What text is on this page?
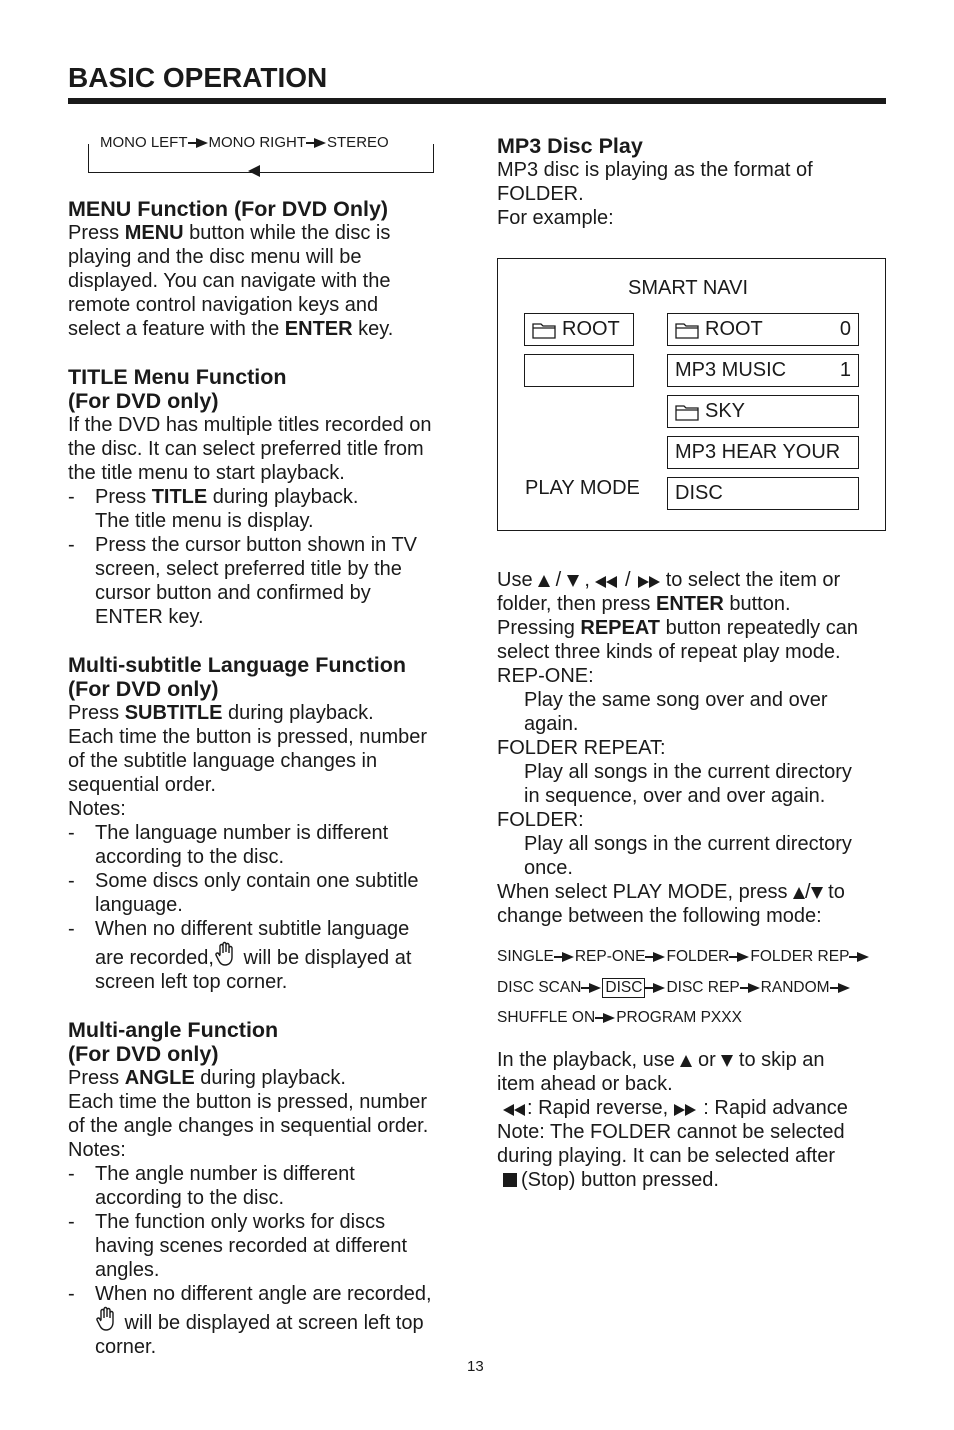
BASIC OPERATION
MONO LEFT MONO RIGHT STEREO
MENU Function (For DVD Only)

Press MENU button while the disc is

playing and the disc menu will be

displayed. You can navigate with the

remote control navigation keys and

select a feature with the ENTER key.

TITLE Menu Function
(For DVD only)

If the DVD has multiple titles recorded on

the disc. It can select preferred title from

the title menu to start playback.

-	Press TITLE during playback.

The title menu is display.

-	Press the cursor button shown in TV

screen, select preferred title by the

cursor button and confirmed by

ENTER key.

Multi-subtitle Language Function
(For DVD only)

Press SUBTITLE during playback.

Each time the button is pressed, number

of the subtitle language changes in

sequential order.

Notes:

-	The language number is different

according to the disc.

-	Some discs only contain one subtitle

language.

-	When no different subtitle language

are recorded, will be displayed at

screen left top corner.

Multi-angle Function
(For DVD only)

Press ANGLE during playback.

Each time the button is pressed, number

of the angle changes in sequential order.

Notes:

-	The angle number is different

according to the disc.

-	The function only works for discs

having scenes recorded at different

angles.

-	When no different angle are recorded,

will be displayed at screen left top

corner.

MP3 Disc Play

MP3 disc is playing as the format of

FOLDER.

For example:

SMART NAVI
ROOT
PLAY MODE
ROOT	0
MP3 MUSIC	1
SKY
MP3 HEAR YOUR
DISC

Use  /  ,  /  to select the item or

folder, then press ENTER button.

Pressing REPEAT button repeatedly can

select three kinds of repeat play mode.

REP-ONE:

Play the same song over and over

again.

FOLDER REPEAT:

Play all songs in the current directory

in sequence, over and over again.

FOLDER:

Play all songs in the current directory

once.

When select PLAY MODE, press / to

change between the following mode:

SINGLE REP-ONE FOLDER FOLDER REP
DISC SCAN DISC DISC REP RANDOM
SHUFFLE ON PROGRAM PXXX

In the playback, use  or  to skip an

item ahead or back.

: Rapid reverse,  : Rapid advance

Note: The FOLDER cannot be selected

during playing. It can be selected after

(Stop) button pressed.

13
